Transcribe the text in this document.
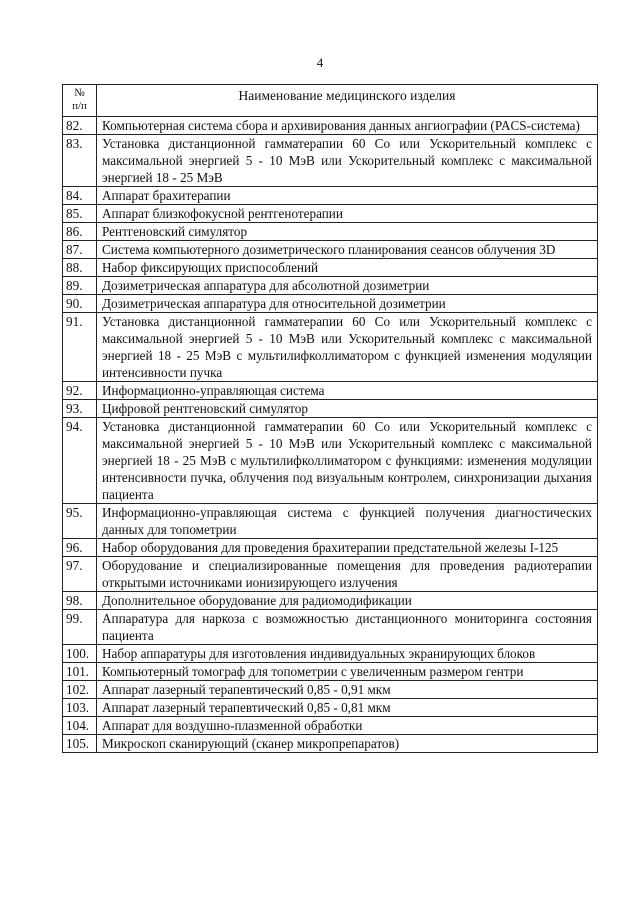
4
№
п/п	Наименование медицинского изделия
82.	Компьютерная система сбора и архивирования данных ангиографии (PACS-система)
83.	Установка дистанционной гамматерапии 60 Со или Ускорительный комплекс с максимальной энергией 5 - 10 МэВ или Ускорительный комплекс с максимальной энергией 18 - 25 МэВ
84.	Аппарат брахитерапии
85.	Аппарат близкофокусной рентгенотерапии
86.	Рентгеновский симулятор
87.	Система компьютерного дозиметрического планирования сеансов облучения 3D
88.	Набор фиксирующих приспособлений
89.	Дозиметрическая аппаратура для абсолютной дозиметрии
90.	Дозиметрическая аппаратура для относительной дозиметрии
91.	Установка дистанционной гамматерапии 60 Со или Ускорительный комплекс с максимальной энергией 5 - 10 МэВ или Ускорительный комплекс с максимальной энергией 18 - 25 МэВ с мультилифколлиматором с функцией изменения модуляции интенсивности пучка
92.	Информационно-управляющая система
93.	Цифровой рентгеновский симулятор
94.	Установка дистанционной гамматерапии 60 Со или Ускорительный комплекс с максимальной энергией 5 - 10 МэВ или Ускорительный комплекс с максимальной энергией 18 - 25 МэВ с мультилифколлиматором с функциями: изменения модуляции интенсивности пучка, облучения под визуальным контролем, синхронизации дыхания пациента
95.	Информационно-управляющая система с функцией получения диагностических данных для топометрии
96.	Набор оборудования для проведения брахитерапии предстательной железы I-125
97.	Оборудование и специализированные помещения для проведения радиотерапии открытыми источниками ионизирующего излучения
98.	Дополнительное оборудование для радиомодификации
99.	Аппаратура для наркоза с возможностью дистанционного мониторинга состояния пациента
100.	Набор аппаратуры для изготовления индивидуальных экранирующих блоков
101.	Компьютерный томограф для топометрии с увеличенным размером гентри
102.	Аппарат лазерный терапевтический 0,85 - 0,91 мкм
103.	Аппарат лазерный терапевтический 0,85 - 0,81 мкм
104.	Аппарат для воздушно-плазменной обработки
105.	Микроскоп сканирующий (сканер микропрепаратов)
